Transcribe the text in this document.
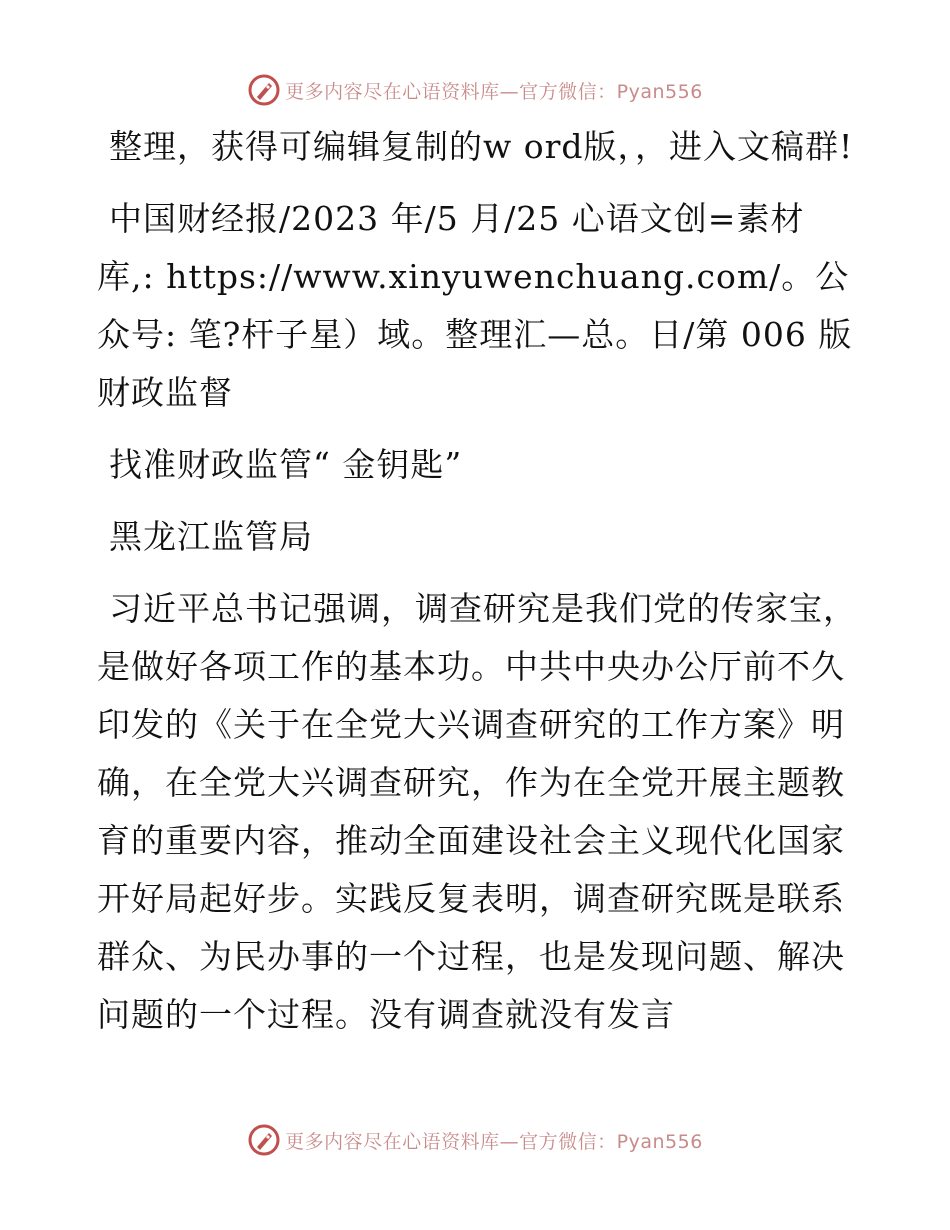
更多内容尽在心语资料库—官方微信：Pyan556

整理，获得可编辑复制的w ord版，，进入文稿群!

中国财经报/2023 年/5 月/25 心语文创=素材库,: https://www.xinyuwenchuang.com/。公众号: 笔?杆子星）域。整理汇—总。日/第 006 版财政监督

找准财政监管“ 金钥匙”

黑龙江监管局

习近平总书记强调，调查研究是我们党的传家宝，是做好各项工作的基本功。中共中央办公厅前不久印发的《关于在全党大兴调查研究的工作方案》明确，在全党大兴调查研究，作为在全党开展主题教育的重要内容，推动全面建设社会主义现代化国家开好局起好步。实践反复表明，调查研究既是联系群众、为民办事的一个过程，也是发现问题、解决问题的一个过程。没有调查就没有发言

更多内容尽在心语资料库—官方微信：Pyan556
